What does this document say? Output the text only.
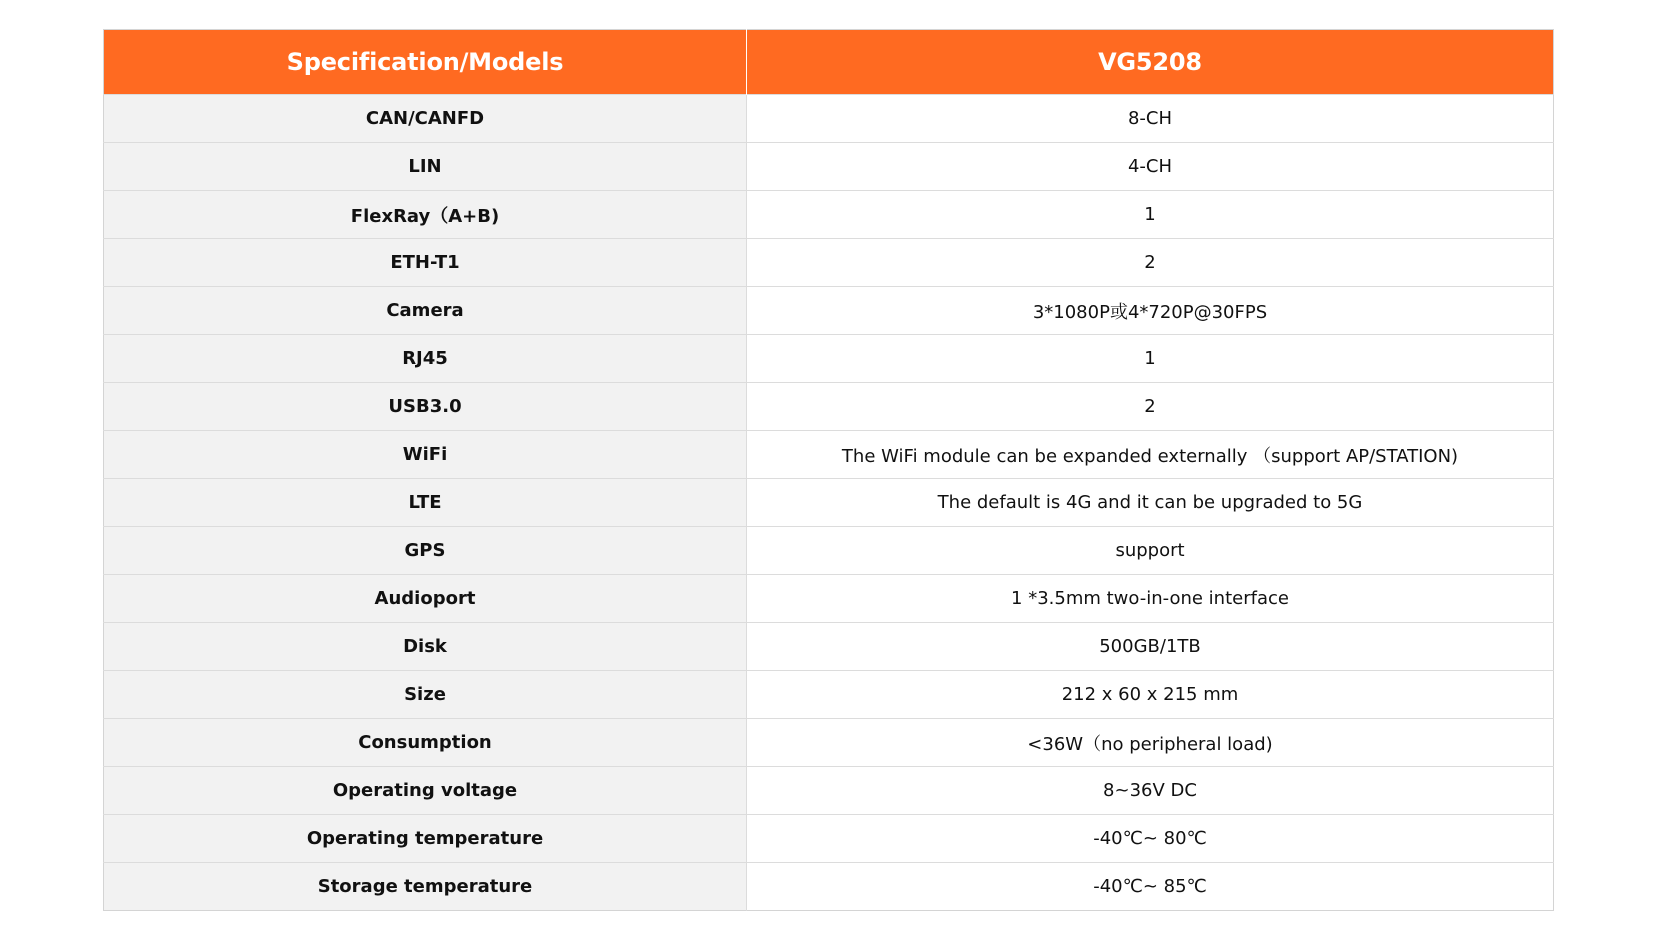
Specification/Models	VG5208
CAN/CANFD	8-CH
LIN	4-CH
FlexRay（A+B)	1
ETH-T1	2
Camera	3*1080P或4*720P@30FPS
RJ45	1
USB3.0	2
WiFi	The WiFi module can be expanded externally （support AP/STATION)
LTE	The default is 4G and it can be upgraded to 5G
GPS	support
Audioport	1 *3.5mm two-in-one interface
Disk	500GB/1TB
Size	212 x 60 x 215 mm
Consumption	<36W（no peripheral load)
Operating voltage	8~36V DC
Operating temperature	-40℃~ 80℃
Storage temperature	-40℃~ 85℃
